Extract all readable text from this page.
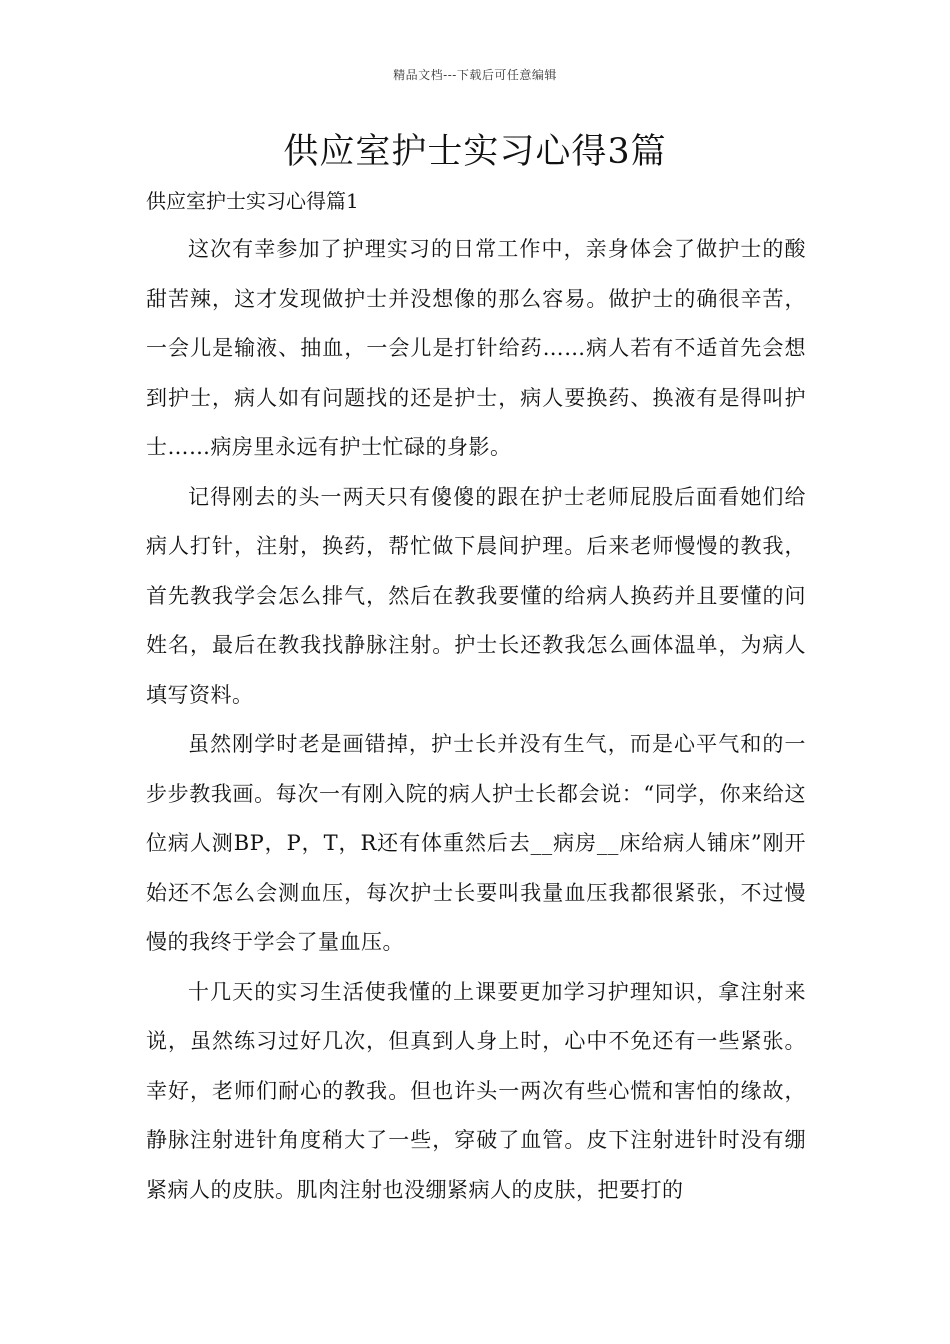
精品文档---下载后可任意编辑
供应室护士实习心得3篇
供应室护士实习心得篇1

这次有幸参加了护理实习的日常工作中，亲身体会了做护士的酸甜苦辣，这才发现做护士并没想像的那么容易。做护士的确很辛苦，一会儿是输液、抽血，一会儿是打针给药……病人若有不适首先会想到护士，病人如有问题找的还是护士，病人要换药、换液有是得叫护士……病房里永远有护士忙碌的身影。

记得刚去的头一两天只有傻傻的跟在护士老师屁股后面看她们给病人打针，注射，换药，帮忙做下晨间护理。后来老师慢慢的教我，首先教我学会怎么排气，然后在教我要懂的给病人换药并且要懂的问姓名，最后在教我找静脉注射。护士长还教我怎么画体温单，为病人填写资料。

虽然刚学时老是画错掉，护士长并没有生气，而是心平气和的一步步教我画。每次一有刚入院的病人护士长都会说：“同学，你来给这位病人测BP，P，T，R还有体重然后去__病房__床给病人铺床”刚开始还不怎么会测血压，每次护士长要叫我量血压我都很紧张，不过慢慢的我终于学会了量血压。

十几天的实习生活使我懂的上课要更加学习护理知识，拿注射来说，虽然练习过好几次，但真到人身上时，心中不免还有一些紧张。幸好，老师们耐心的教我。但也许头一两次有些心慌和害怕的缘故，静脉注射进针角度稍大了一些，穿破了血管。皮下注射进针时没有绷紧病人的皮肤。肌肉注射也没绷紧病人的皮肤，把要打的
